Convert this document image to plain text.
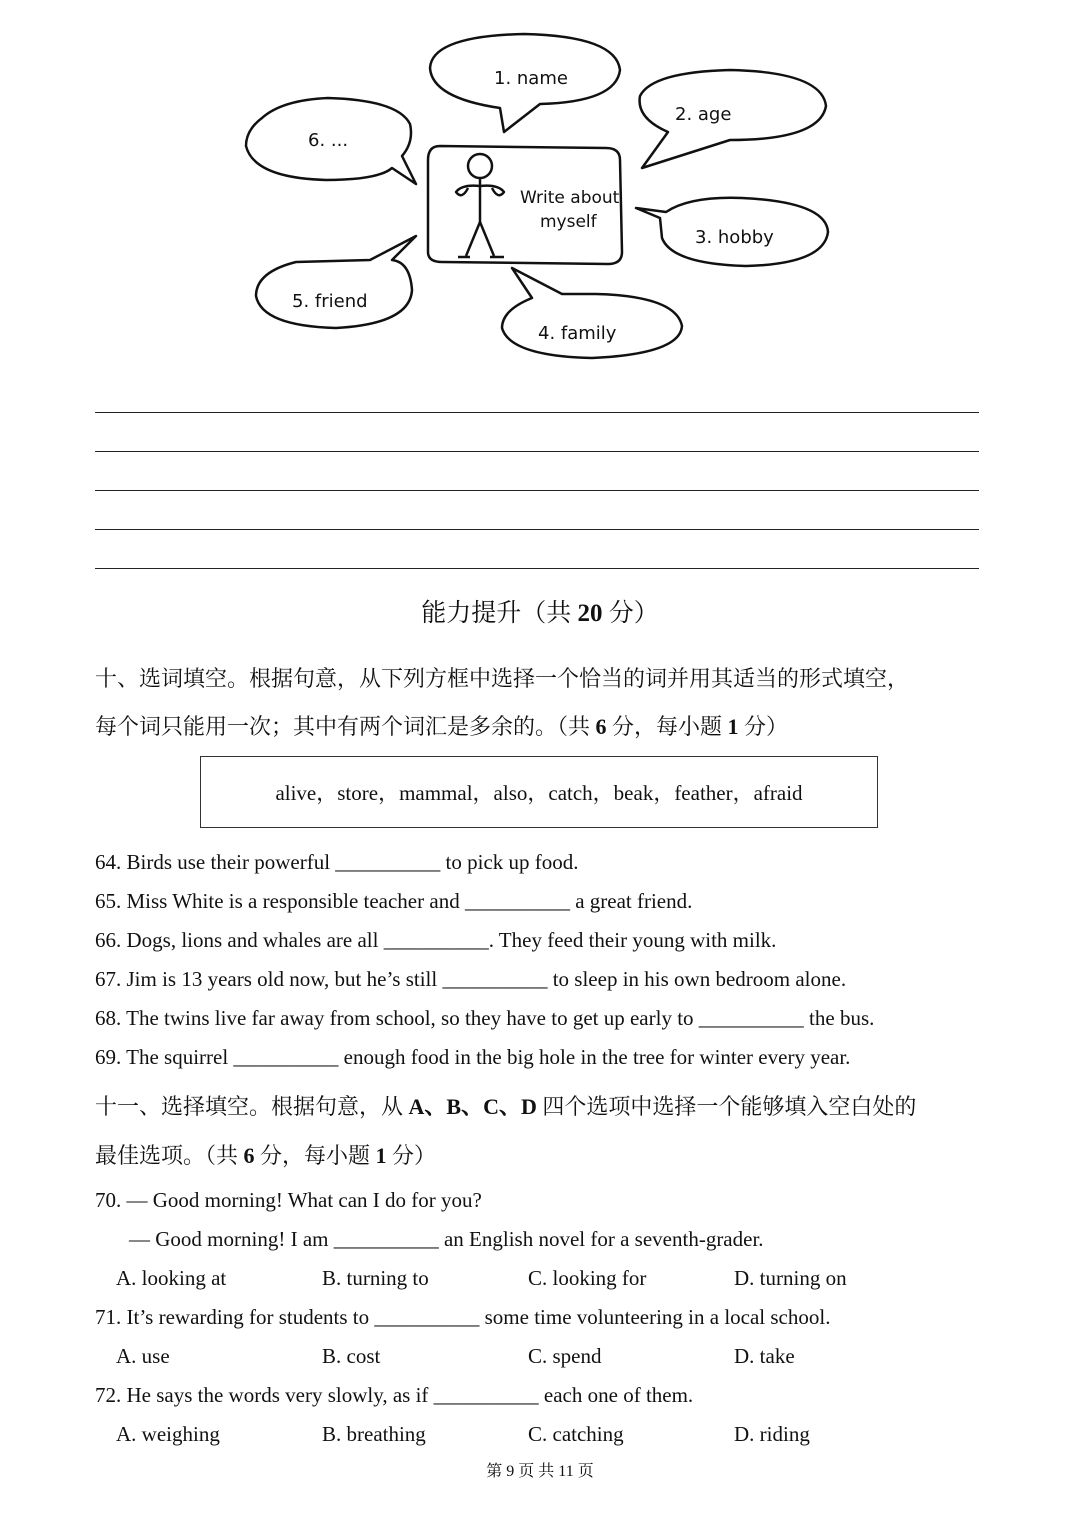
Write about
myself
1. name
2. age
3. hobby
4. family
5. friend
6. ...
能力提升（共 20 分）
十、选词填空。根据句意，从下列方框中选择一个恰当的词并用其适当的形式填空，
每个词只能用一次；其中有两个词汇是多余的。（共 6 分，每小题 1 分）
alive，store，mammal，also，catch，beak，feather，afraid
64. Birds use their powerful __________ to pick up food.
65. Miss White is a responsible teacher and __________ a great friend.
66. Dogs, lions and whales are all __________. They feed their young with milk.
67. Jim is 13 years old now, but he’s still __________ to sleep in his own bedroom alone.
68. The twins live far away from school, so they have to get up early to __________ the bus.
69. The squirrel __________ enough food in the big hole in the tree for winter every year.
十一、选择填空。根据句意，从 A、B、C、D 四个选项中选择一个能够填入空白处的
最佳选项。（共 6 分，每小题 1 分）
70. — Good morning! What can I do for you?
— Good morning! I am __________ an English novel for a seventh-grader.
A. looking at	B. turning to	C. looking for	D. turning on
71. It’s rewarding for students to __________ some time volunteering in a local school.
A. use	B. cost	C. spend	D. take
72. He says the words very slowly, as if __________ each one of them.
A. weighing	B. breathing	C. catching	D. riding
第 9 页 共 11 页
